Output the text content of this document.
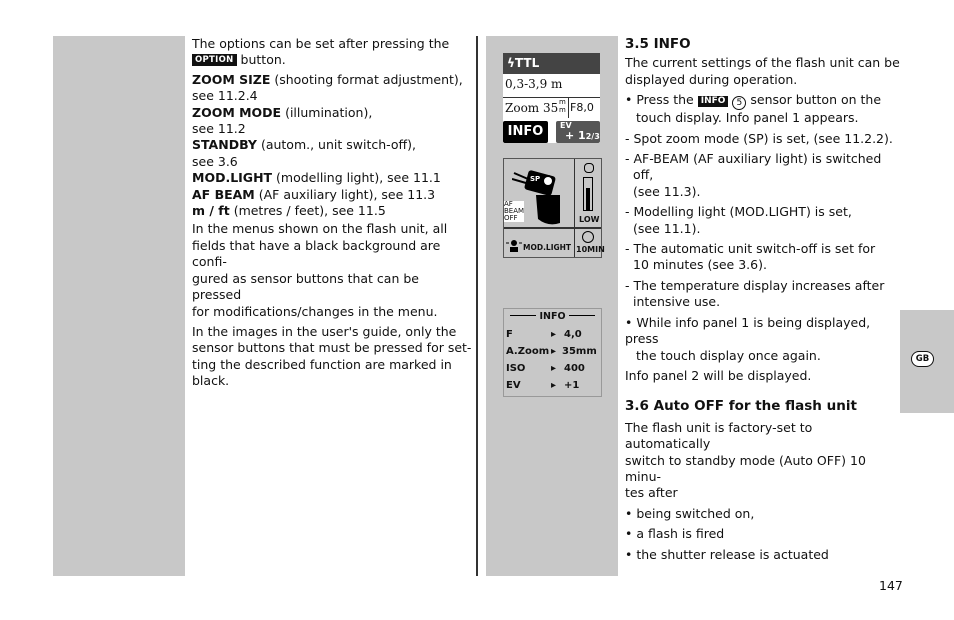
GB

The options can be set after pressing the

OPTION button.

ZOOM SIZE (shooting format adjustment),

see 11.2.4

ZOOM MODE (illumination),

see 11.2

STANDBY (autom., unit switch-off),

see 3.6

MOD.LIGHT (modelling light), see 11.1

AF BEAM (AF auxiliary light), see 11.3

m / ft (metres / feet), see 11.5

In the menus shown on the flash unit, all

fields that have a black background are confi-

gured as sensor buttons that can be pressed

for modifications/changes in the menu.

In the images in the user's guide, only the

sensor buttons that must be pressed for set-

ting the described function are marked in

black.

ϟTTL
0,3-3,9 m
Zoom 35 m
m F8,0
INFO	EV
+ 12/3
SP
AF
BEAM
OFF	LOW
MOD.LIGHT 10MIN
INFO
F	▸ 4,0
A.Zoom ▸ 35mm
ISO	▸ 400
EV	▸ +1
3.5 INFO

The current settings of the flash unit can be

displayed during operation.

• Press the INFO 5 sensor button on the

touch display. Info panel 1 appears.

- Spot zoom mode (SP) is set, (see 11.2.2).

- AF-BEAM (AF auxiliary light) is switched off,

(see 11.3).

- Modelling light (MOD.LIGHT) is set,

(see 11.1).

- The automatic unit switch-off is set for

10 minutes (see 3.6).

- The temperature display increases after

intensive use.

• While info panel 1 is being displayed, press

the touch display once again.

Info panel 2 will be displayed.

3.6 Auto OFF for the flash unit

The flash unit is factory-set to automatically

switch to standby mode (Auto OFF) 10 minu-

tes after

• being switched on,

• a flash is fired

• the shutter release is actuated

147
